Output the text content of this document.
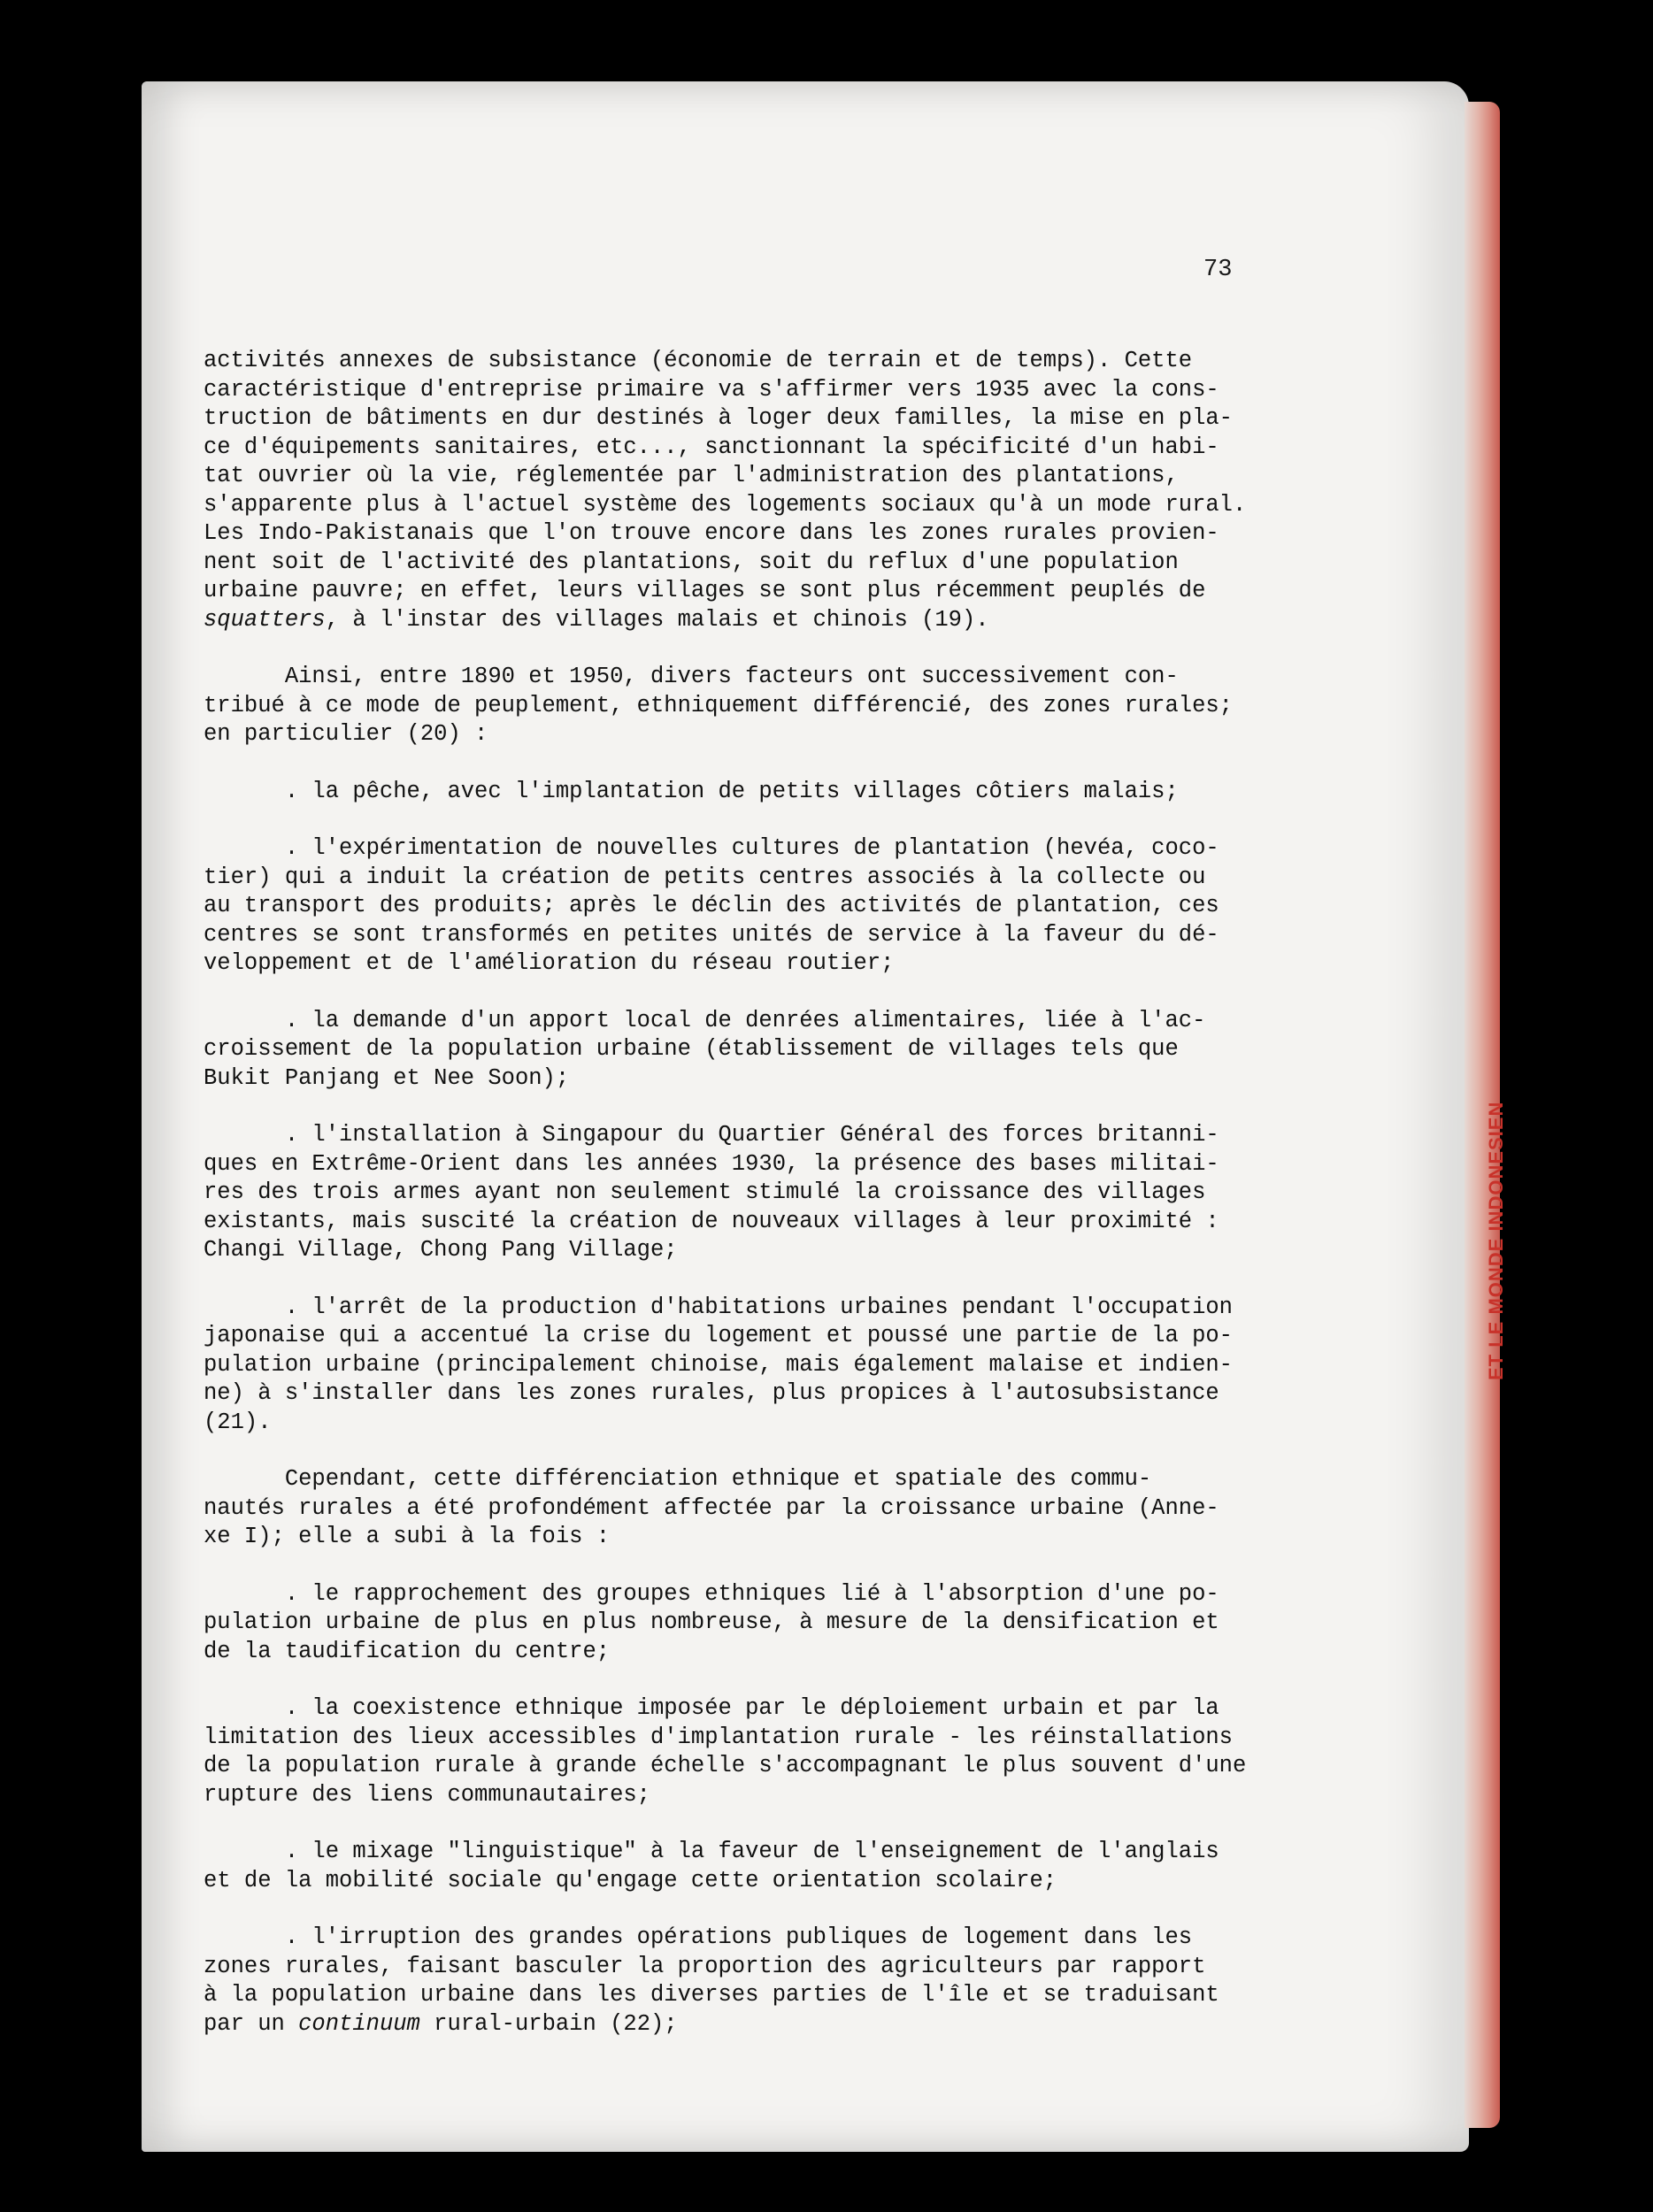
73
ET LE MONDE INDONESIEN

activités annexes de subsistance (économie de terrain et de temps). Cette

caractéristique d'entreprise primaire va s'affirmer vers 1935 avec la cons-

truction de bâtiments en dur destinés à loger deux familles, la mise en pla-

ce d'équipements sanitaires, etc..., sanctionnant la spécificité d'un habi-

tat ouvrier où la vie, réglementée par l'administration des plantations,

s'apparente plus à l'actuel système des logements sociaux qu'à un mode rural.

Les Indo-Pakistanais que l'on trouve encore dans les zones rurales provien-

nent soit de l'activité des plantations, soit du reflux d'une population

urbaine pauvre; en effet, leurs villages se sont plus récemment peuplés de

squatters, à l'instar des villages malais et chinois (19).

Ainsi, entre 1890 et 1950, divers facteurs ont successivement con-

tribué à ce mode de peuplement, ethniquement différencié, des zones rurales;

en particulier (20) :

. la pêche, avec l'implantation de petits villages côtiers malais;

. l'expérimentation de nouvelles cultures de plantation (hevéa, coco-

tier) qui a induit la création de petits centres associés à la collecte ou

au transport des produits; après le déclin des activités de plantation, ces

centres se sont transformés en petites unités de service à la faveur du dé-

veloppement et de l'amélioration du réseau routier;

. la demande d'un apport local de denrées alimentaires, liée à l'ac-

croissement de la population urbaine (établissement de villages tels que

Bukit Panjang et Nee Soon);

. l'installation à Singapour du Quartier Général des forces britanni-

ques en Extrême-Orient dans les années 1930, la présence des bases militai-

res des trois armes ayant non seulement stimulé la croissance des villages

existants, mais suscité la création de nouveaux villages à leur proximité :

Changi Village, Chong Pang Village;

. l'arrêt de la production d'habitations urbaines pendant l'occupation

japonaise qui a accentué la crise du logement et poussé une partie de la po-

pulation urbaine (principalement chinoise, mais également malaise et indien-

ne) à s'installer dans les zones rurales, plus propices à l'autosubsistance

(21).

Cependant, cette différenciation ethnique et spatiale des commu-

nautés rurales a été profondément affectée par la croissance urbaine (Anne-

xe I); elle a subi à la fois :

. le rapprochement des groupes ethniques lié à l'absorption d'une po-

pulation urbaine de plus en plus nombreuse, à mesure de la densification et

de la taudification du centre;

. la coexistence ethnique imposée par le déploiement urbain et par la

limitation des lieux accessibles d'implantation rurale - les réinstallations

de la population rurale à grande échelle s'accompagnant le plus souvent d'une

rupture des liens communautaires;

. le mixage "linguistique" à la faveur de l'enseignement de l'anglais

et de la mobilité sociale qu'engage cette orientation scolaire;

. l'irruption des grandes opérations publiques de logement dans les

zones rurales, faisant basculer la proportion des agriculteurs par rapport

à la population urbaine dans les diverses parties de l'île et se traduisant

par un continuum rural-urbain (22);
